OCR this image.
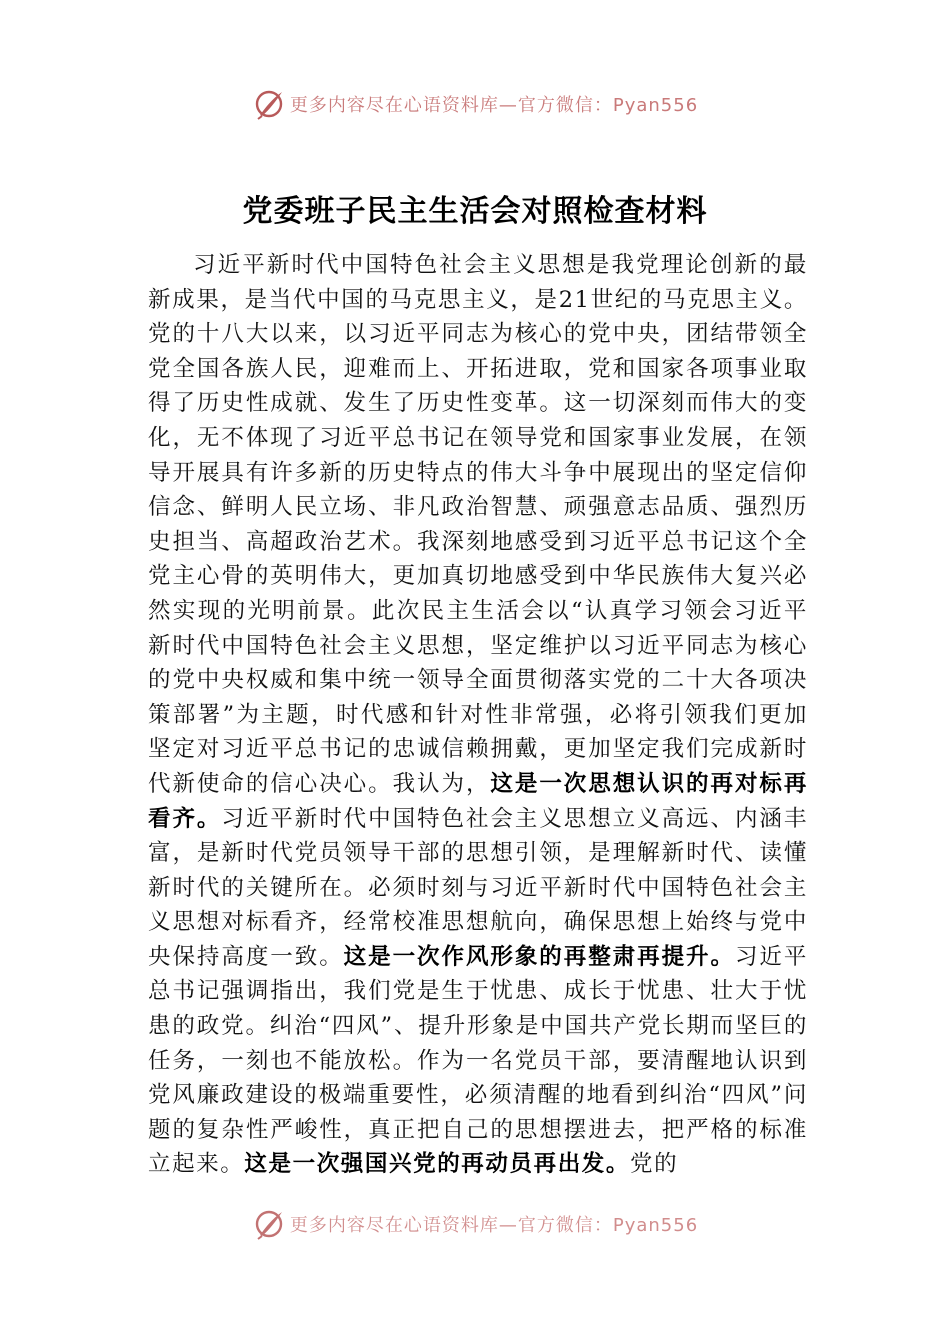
更多内容尽在心语资料库—官方微信：Pyan556
党委班子民主生活会对照检查材料
习近平新时代中国特色社会主义思想是我党理论创新的最新成果，是当代中国的马克思主义，是21世纪的马克思主义。党的十八大以来，以习近平同志为核心的党中央，团结带领全党全国各族人民，迎难而上、开拓进取，党和国家各项事业取得了历史性成就、发生了历史性变革。这一切深刻而伟大的变化，无不体现了习近平总书记在领导党和国家事业发展，在领导开展具有许多新的历史特点的伟大斗争中展现出的坚定信仰信念、鲜明人民立场、非凡政治智慧、顽强意志品质、强烈历史担当、高超政治艺术。我深刻地感受到习近平总书记这个全党主心骨的英明伟大，更加真切地感受到中华民族伟大复兴必然实现的光明前景。此次民主生活会以“认真学习领会习近平新时代中国特色社会主义思想，坚定维护以习近平同志为核心的党中央权威和集中统一领导全面贯彻落实党的二十大各项决策部署”为主题，时代感和针对性非常强，必将引领我们更加坚定对习近平总书记的忠诚信赖拥戴，更加坚定我们完成新时代新使命的信心决心。我认为，这是一次思想认识的再对标再看齐。习近平新时代中国特色社会主义思想立义高远、内涵丰富，是新时代党员领导干部的思想引领，是理解新时代、读懂新时代的关键所在。必须时刻与习近平新时代中国特色社会主义思想对标看齐，经常校准思想航向，确保思想上始终与党中央保持高度一致。这是一次作风形象的再整肃再提升。习近平总书记强调指出，我们党是生于忧患、成长于忧患、壮大于忧患的政党。纠治“四风”、提升形象是中国共产党长期而坚巨的任务，一刻也不能放松。作为一名党员干部，要清醒地认识到党风廉政建设的极端重要性，必须清醒的地看到纠治“四风”问题的复杂性严峻性，真正把自己的思想摆进去，把严格的标准立起来。这是一次强国兴党的再动员再出发。党的
更多内容尽在心语资料库—官方微信：Pyan556
